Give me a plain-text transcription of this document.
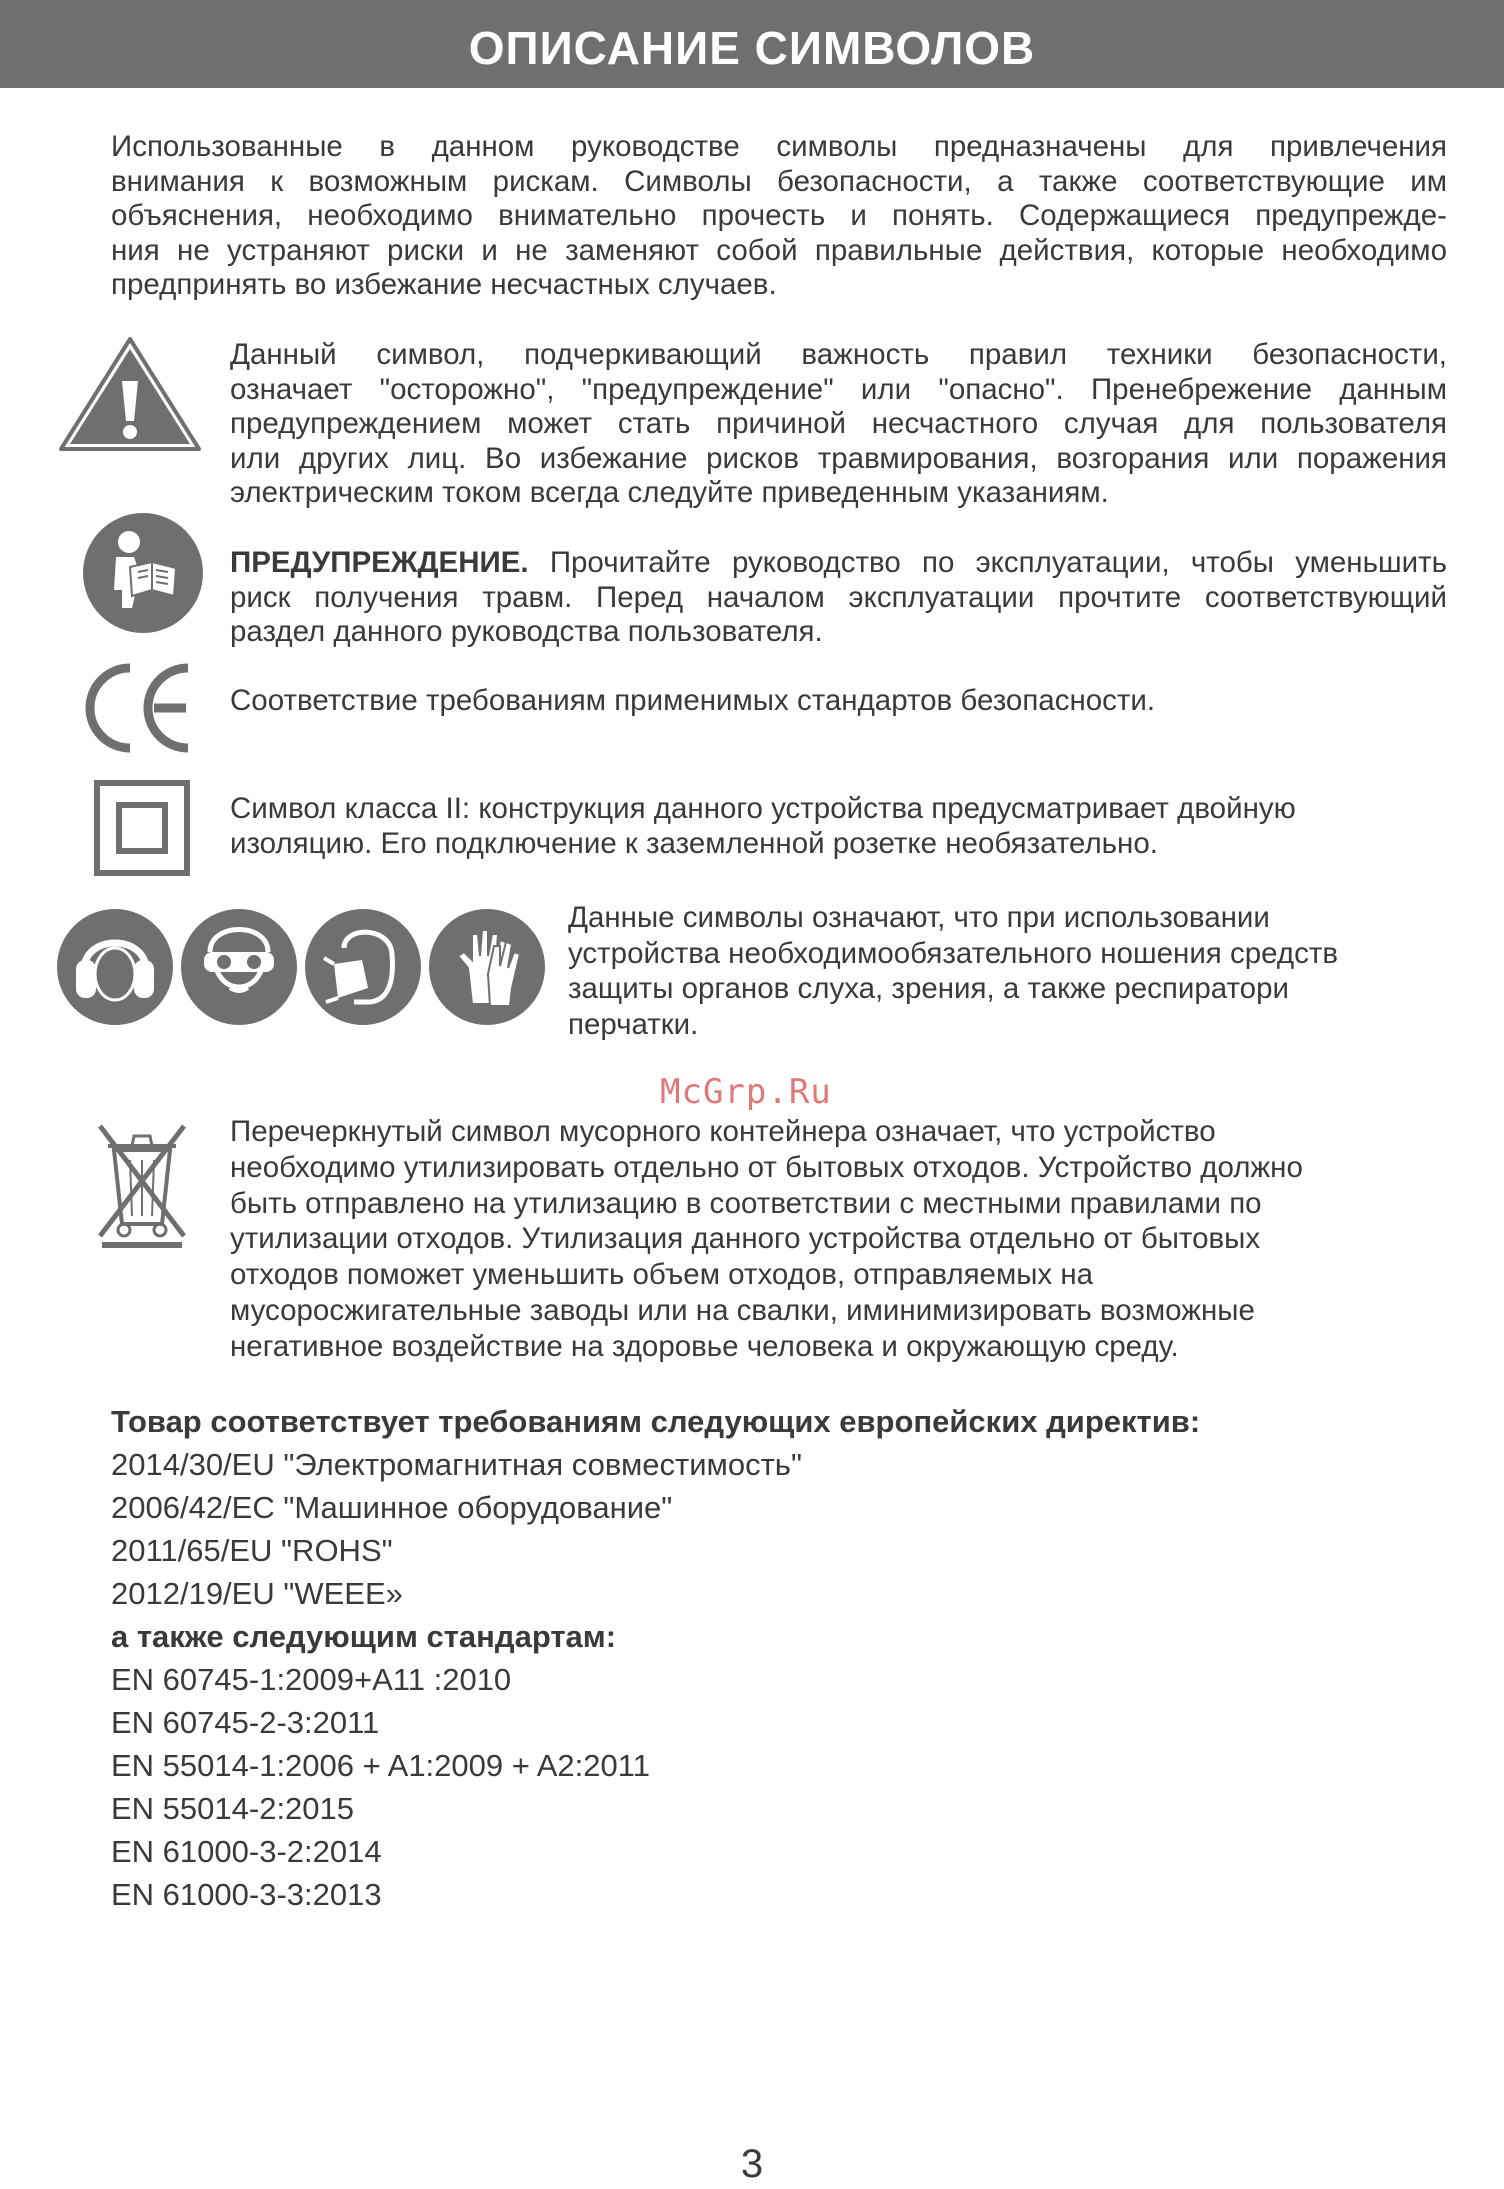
ОПИСАНИЕ СИМВОЛОВ
Использованные в данном руководстве символы предназначены для привлечения
внимания к возможным рискам. Символы безопасности, а также соответствующие им
объяснения, необходимо внимательно прочесть и понять. Содержащиеся предупрежде-
ния не устраняют риски и не заменяют собой правильные действия, которые необходимо
предпринять во избежание несчастных случаев.
Данный символ, подчеркивающий важность правил техники безопасности,
означает "осторожно", "предупреждение" или "опасно". Пренебрежение данным
предупреждением может стать причиной несчастного случая для пользователя
или других лиц. Во избежание рисков травмирования, возгорания или поражения
электрическим током всегда следуйте приведенным указаниям.
ПРЕДУПРЕЖДЕНИЕ. Прочитайте руководство по эксплуатации, чтобы уменьшить
риск получения травм. Перед началом эксплуатации прочтите соответствующий
раздел данного руководства пользователя.
Соответствие требованиям применимых стандартов безопасности.
Символ класса II: конструкция данного устройства предусматривает двойную
изоляцию. Его подключение к заземленной розетке необязательно.
Данные символы означают, что при использовании
устройства необходимообязательного ношения средств
защиты органов слуха, зрения, а также респиратори
перчатки.
McGrp.Ru
Перечеркнутый символ мусорного контейнера означает, что устройство
необходимо утилизировать отдельно от бытовых отходов. Устройство должно
быть отправлено на утилизацию в соответствии с местными правилами по
утилизации отходов. Утилизация данного устройства отдельно от бытовых
отходов поможет уменьшить объем отходов, отправляемых на
мусоросжигательные заводы или на свалки, иминимизировать возможные
негативное воздействие на здоровье человека и окружающую среду.
Товар соответствует требованиям следующих европейских директив:
2014/30/EU "Электромагнитная совместимость"
2006/42/EC "Машинное оборудование"
2011/65/EU "ROHS"
2012/19/EU "WEEE»
а также следующим стандартам:
EN 60745-1:2009+A11 :2010
EN 60745-2-3:2011
EN 55014-1:2006 + A1:2009 + A2:2011
EN 55014-2:2015
EN 61000-3-2:2014
EN 61000-3-3:2013
3
